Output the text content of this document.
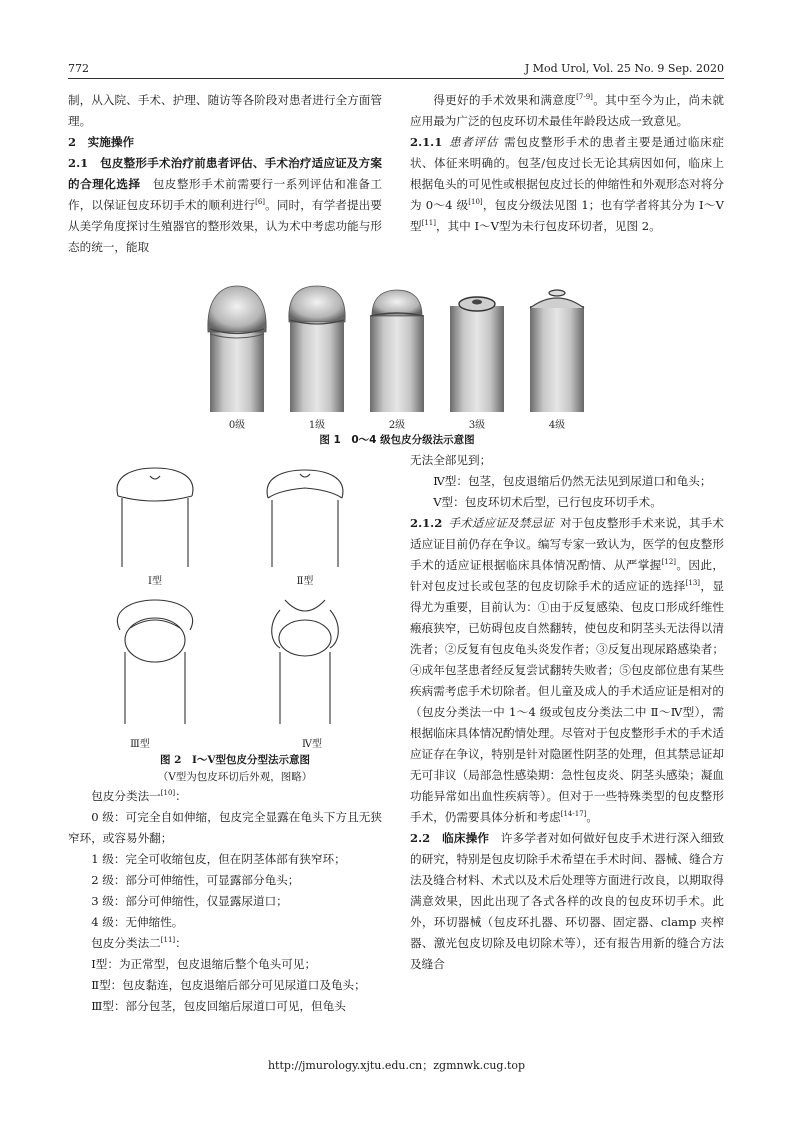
772	J Mod Urol, Vol. 25 No. 9 Sep. 2020

制，从入院、手术、护理、随访等各阶段对患者进行全方面管理。

2　实施操作

2.1　包皮整形手术治疗前患者评估、手术治疗适应证及方案的合理化选择　 包皮整形手术前需要行一系列评估和准备工作，以保证包皮环切手术的顺利进行[6]。同时，有学者提出要从美学角度探讨生殖器官的整形效果，认为术中考虑功能与形态的统一，能取

得更好的手术效果和满意度[7-9]。其中至今为止，尚未就应用最为广泛的包皮环切术最佳年龄段达成一致意见。

2.1.1 患者评估 需包皮整形手术的患者主要是通过临床症状、体征来明确的。包茎/包皮过长无论其病因如何，临床上根据龟头的可见性或根据包皮过长的伸缩性和外观形态对将分为 0～4 级[10]，包皮分级法见图 1；也有学者将其分为 Ⅰ～Ⅴ型[11]，其中 Ⅰ～Ⅴ型为未行包皮环切者，见图 2。

0级	1级	2级	3级	4级
图 1　0～4 级包皮分级法示意图
Ⅰ型	Ⅱ型
Ⅲ型	Ⅳ型
图 2　Ⅰ～Ⅴ型包皮分型法示意图
（Ⅴ型为包皮环切后外观，图略）

包皮分类法一[10]：

0 级：可完全自如伸缩，包皮完全显露在龟头下方且无狭窄环，或容易外翻；

1 级：完全可收缩包皮，但在阴茎体部有狭窄环；

2 级：部分可伸缩性，可显露部分龟头；

3 级：部分可伸缩性，仅显露尿道口；

4 级：无伸缩性。

包皮分类法二[11]：

Ⅰ型：为正常型，包皮退缩后整个龟头可见；

Ⅱ型：包皮黏连，包皮退缩后部分可见尿道口及龟头；

Ⅲ型：部分包茎，包皮回缩后尿道口可见，但龟头

无法全部见到；

Ⅳ型：包茎，包皮退缩后仍然无法见到尿道口和龟头；

Ⅴ型：包皮环切术后型，已行包皮环切手术。

2.1.2 手术适应证及禁忌证 对于包皮整形手术来说，其手术适应证目前仍存在争议。编写专家一致认为，医学的包皮整形手术的适应证根据临床具体情况酌情、从严掌握[12]。因此，针对包皮过长或包茎的包皮切除手术的适应证的选择[13]，显得尤为重要，目前认为：①由于反复感染、包皮口形成纤维性瘢痕狭窄，已妨碍包皮自然翻转，使包皮和阴茎头无法得以清洗者；②反复有包皮龟头炎发作者；③反复出现尿路感染者；④成年包茎患者经反复尝试翻转失败者；⑤包皮部位患有某些疾病需考虑手术切除者。但儿童及成人的手术适应证是相对的（包皮分类法一中 1～4 级或包皮分类法二中 Ⅱ～Ⅳ型），需根据临床具体情况酌情处理。尽管对于包皮整形手术的手术适应证存在争议，特别是针对隐匿性阴茎的处理，但其禁忌证却无可非议（局部急性感染期：急性包皮炎、阴茎头感染；凝血功能异常如出血性疾病等）。但对于一些特殊类型的包皮整形手术，仍需要具体分析和考虑[14-17]。

2.2　 临床操作　 许多学者对如何做好包皮手术进行深入细致的研究，特别是包皮切除手术希望在手术时间、器械、缝合方法及缝合材料、术式以及术后处理等方面进行改良，以期取得满意效果，因此出现了各式各样的改良的包皮环切手术。此外，环切器械（包皮环扎器、环切器、固定器、clamp 夹榨器、激光包皮切除及电切除术等），还有报告用新的缝合方法及缝合

http://jmurology.xjtu.edu.cn；zgmnwk.cug.top
